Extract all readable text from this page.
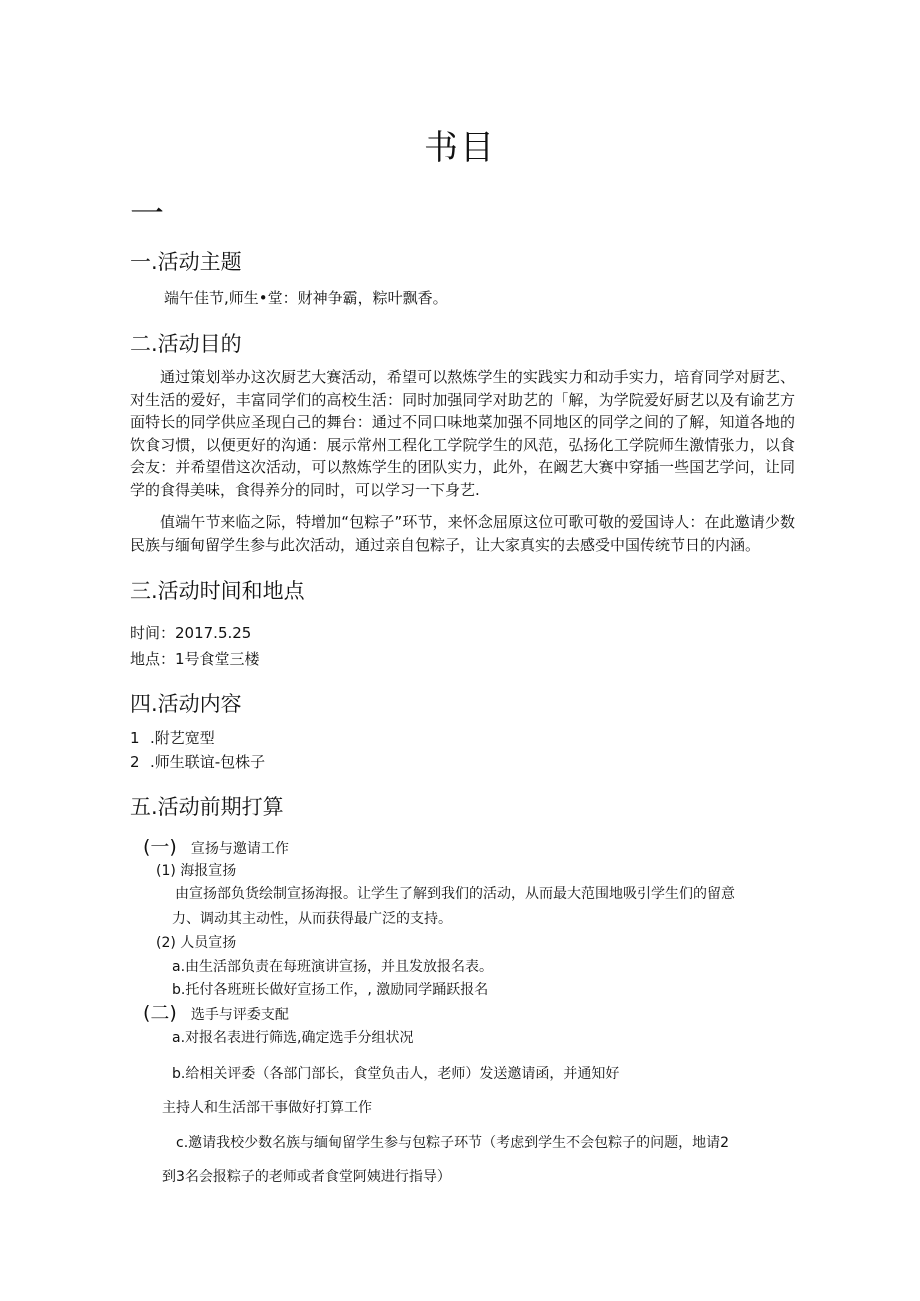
书目
一
一.活动主题
端午佳节,师生•堂：财神争霸，粽叶飘香。
二.活动目的
通过策划举办这次厨艺大赛活动，希望可以熬炼学生的实践实力和动手实力，培育同学对厨艺、对生活的爱好，丰富同学们的高校生活：同时加强同学对助艺的「解，为学院爱好厨艺以及有谕艺方面特长的同学供应圣现白己的舞台：通过不同口味地菜加强不同地区的同学之间的了解，知道各地的饮食习惯，以便更好的沟通：展示常州工程化工学院学生的风范，弘扬化工学院师生激情张力，以食会友：并希望借这次活动，可以熬炼学生的团队实力，此外，在阚艺大赛中穿插一些国艺学问，让同学的食得美味，食得养分的同时，可以学习一下身艺.
值端午节来临之际，特增加“包粽子”环节，来怀念屈原这位可歌可敬的爱国诗人：在此邀请少数民族与缅甸留学生参与此次活动，通过亲自包粽子，让大家真实的去感受中国传统节日的内涵。
三.活动时间和地点
时间：2017.5.25
地点：1号食堂三楼
四.活动内容
1 .附艺宽型
2 .师生联谊-包株子
五.活动前期打算
(一) 宣扬与邀请工作
(1) 海报宣扬
由宣扬部负货绘制宣扬海报。让学生了解到我们的活动，从而最大范围地吸引学生们的留意
力、调动其主动性，从而获得最广泛的支持。
(2) 人员宣扬
a.由生活部负责在每班演讲宣扬，并且发放报名表。
b.托付各班班长做好宣扬工作，, 激励同学踊跃报名
(二) 选手与评委支配
a.对报名表进行筛选,确定选手分组状况
b.给相关评委（各部门部长，食堂负击人，老师）发送邀请函，并通知好
主持人和生活部干事做好打算工作
c.邀请我校少数名族与缅甸留学生参与包粽子环节（考虑到学生不会包粽子的问题，地请2
到3名会报粽子的老师或者食堂阿姨进行指导）
